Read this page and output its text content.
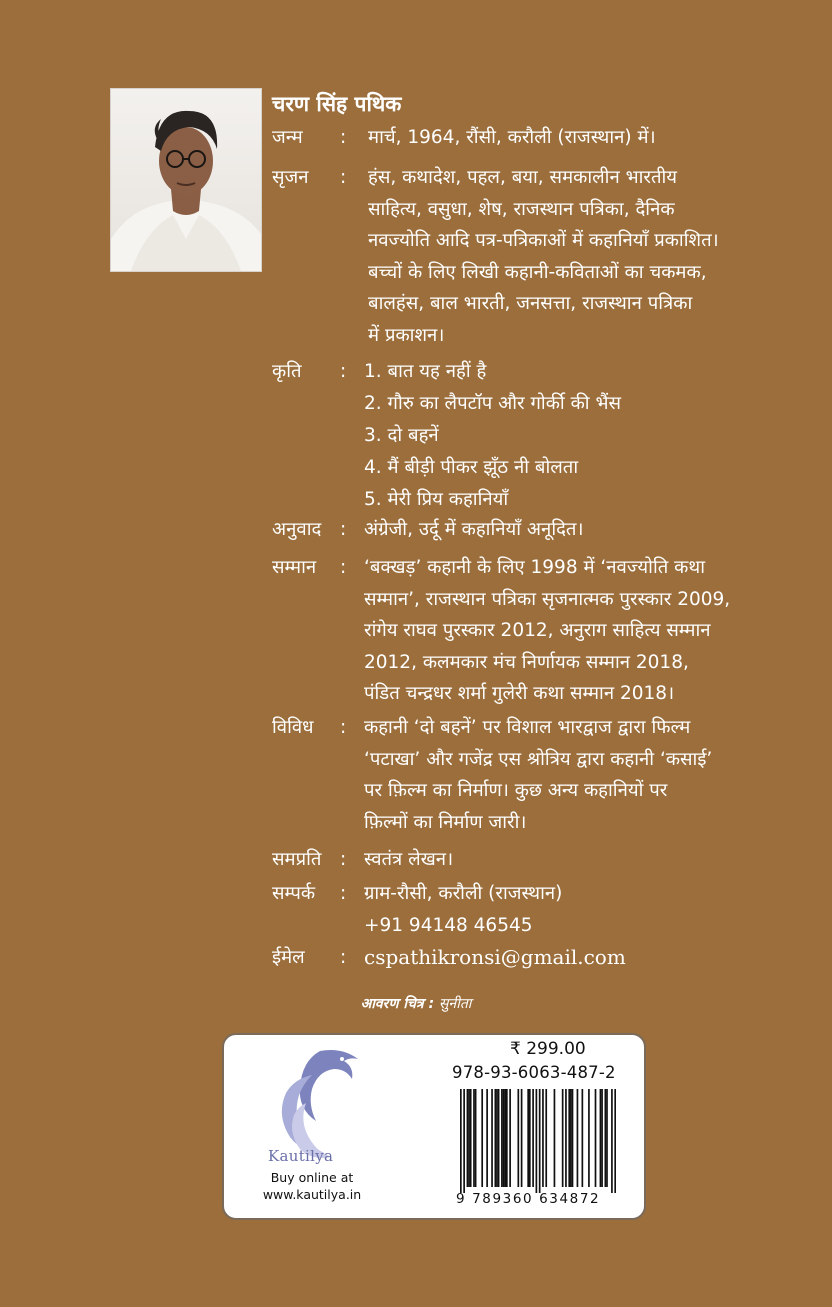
चरण सिंह पथिक
जन्म	: मार्च, 1964, रौंसी, करौली (राजस्थान) में।
सृजन	: हंस, कथादेश, पहल, बया, समकालीन भारतीय
साहित्य, वसुधा, शेष, राजस्थान पत्रिका, दैनिक
नवज्योति आदि पत्र-पत्रिकाओं में कहानियाँ प्रकाशित।
बच्चों के लिए लिखी कहानी-कविताओं का चकमक,
बालहंस, बाल भारती, जनसत्ता, राजस्थान पत्रिका
में प्रकाशन।
कृति	: 1. बात यह नहीं है
2. गौरु का लैपटॉप और गोर्की की भैंस
3. दो बहनें
4. मैं बीड़ी पीकर झूँठ नी बोलता
5. मेरी प्रिय कहानियाँ
अनुवाद	: अंग्रेजी, उर्दू में कहानियाँ अनूदित।
सम्मान	: ‘बक्खड़’ कहानी के लिए 1998 में ‘नवज्योति कथा
सम्मान’, राजस्थान पत्रिका सृजनात्मक पुरस्कार 2009,
रांगेय राघव पुरस्कार 2012, अनुराग साहित्य सम्मान
2012, कलमकार मंच निर्णायक सम्मान 2018,
पंडित चन्द्रधर शर्मा गुलेरी कथा सम्मान 2018।
विविध	: कहानी ‘दो बहनें’ पर विशाल भारद्वाज द्वारा फिल्म
‘पटाखा’ और गजेंद्र एस श्रोत्रिय द्वारा कहानी ‘कसाई’
पर फ़िल्म का निर्माण। कुछ अन्य कहानियों पर
फ़िल्मों का निर्माण जारी।
समप्रति	: स्वतंत्र लेखन।
सम्पर्क	: ग्राम-रौसी, करौली (राजस्थान)
+91 94148 46545
ईमेल	: cspathikronsi@gmail.com
आवरण चित्र : सुनीता
Kautilya
Buy online at
www.kautilya.in
₹ 299.00
978-93-6063-487-2
9 789360 634872
